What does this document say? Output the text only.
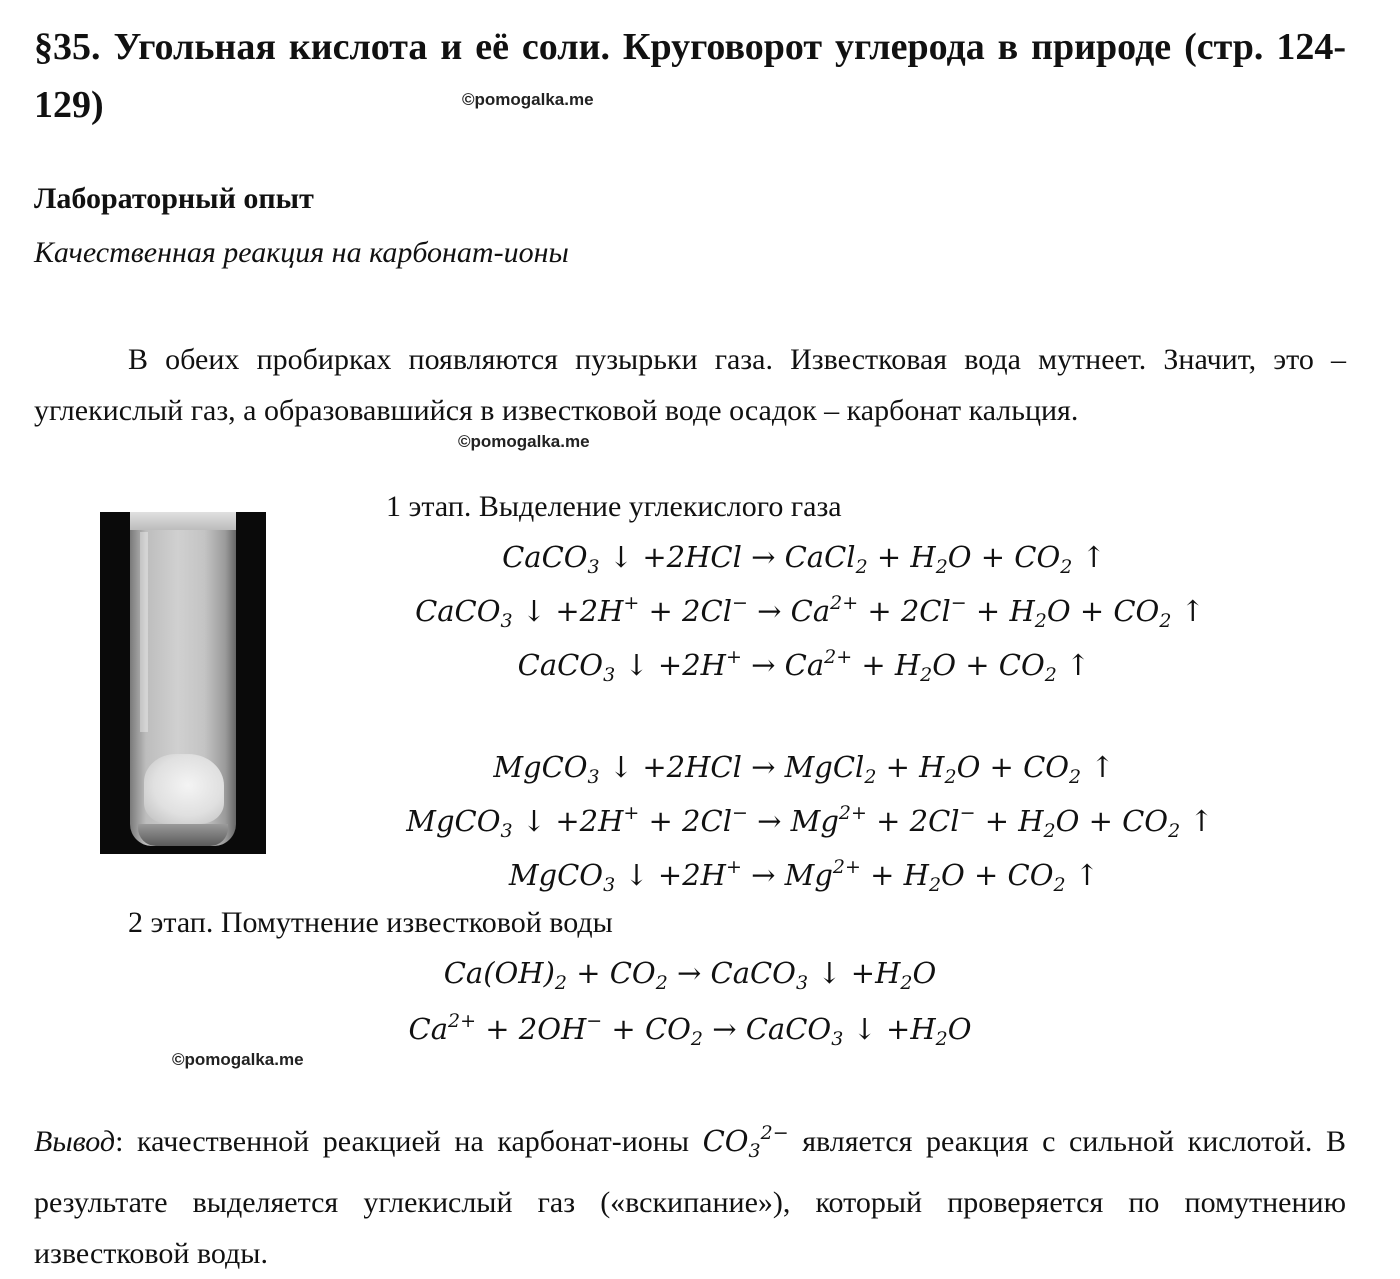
§35. Угольная кислота и её соли. Круговорот углерода в природе (стр. 124-129)	©pomogalka.me
Лабораторный опыт
Качественная реакция на карбонат-ионы
В обеих пробирках появляются пузырьки газа. Известковая вода мутнеет. Значит, это – углекислый газ, а образовавшийся в известковой воде осадок – карбонат кальция.
©pomogalka.me
1 этап. Выделение углекислого газа
CaCO$_3$ ↓ +2HCl → CaCl$_2$ + $H_2O + CO_2$ ↑
CaCO$_3$ ↓ $+2H^+ + 2Cl^- \to Ca^{2+} + 2Cl^- + H_2O + CO_2$ ↑
CaCO$_3$ ↓ $+2H^+ \to Ca^{2+} + H_2O + CO_2$ ↑
MgCO$_3$ ↓ +2HCl → MgCl$_2$ + $H_2O + CO_2$ ↑
MgCO$_3$ ↓ $+2H^+ + 2Cl^- \to Mg^{2+} + 2Cl^- + H_2O + CO_2$ ↑
MgCO$_3$ ↓ $+2H^+ \to Mg^{2+} + H_2O + CO_2$ ↑
2 этап. Помутнение известковой воды
$Ca(OH)_2 + CO_2$ → CaCO$_3$ ↓ $+H_2O$
$Ca^{2+} + 2OH^- + CO_2$ → CaCO$_3$ ↓ $+H_2O$
©pomogalka.me
Вывод: качественной реакцией на карбонат-ионы $CO_3^{2-}$ является реакция с сильной кислотой. В результате выделяется углекислый газ («вскипание»), который проверяется по помутнению известковой воды.
